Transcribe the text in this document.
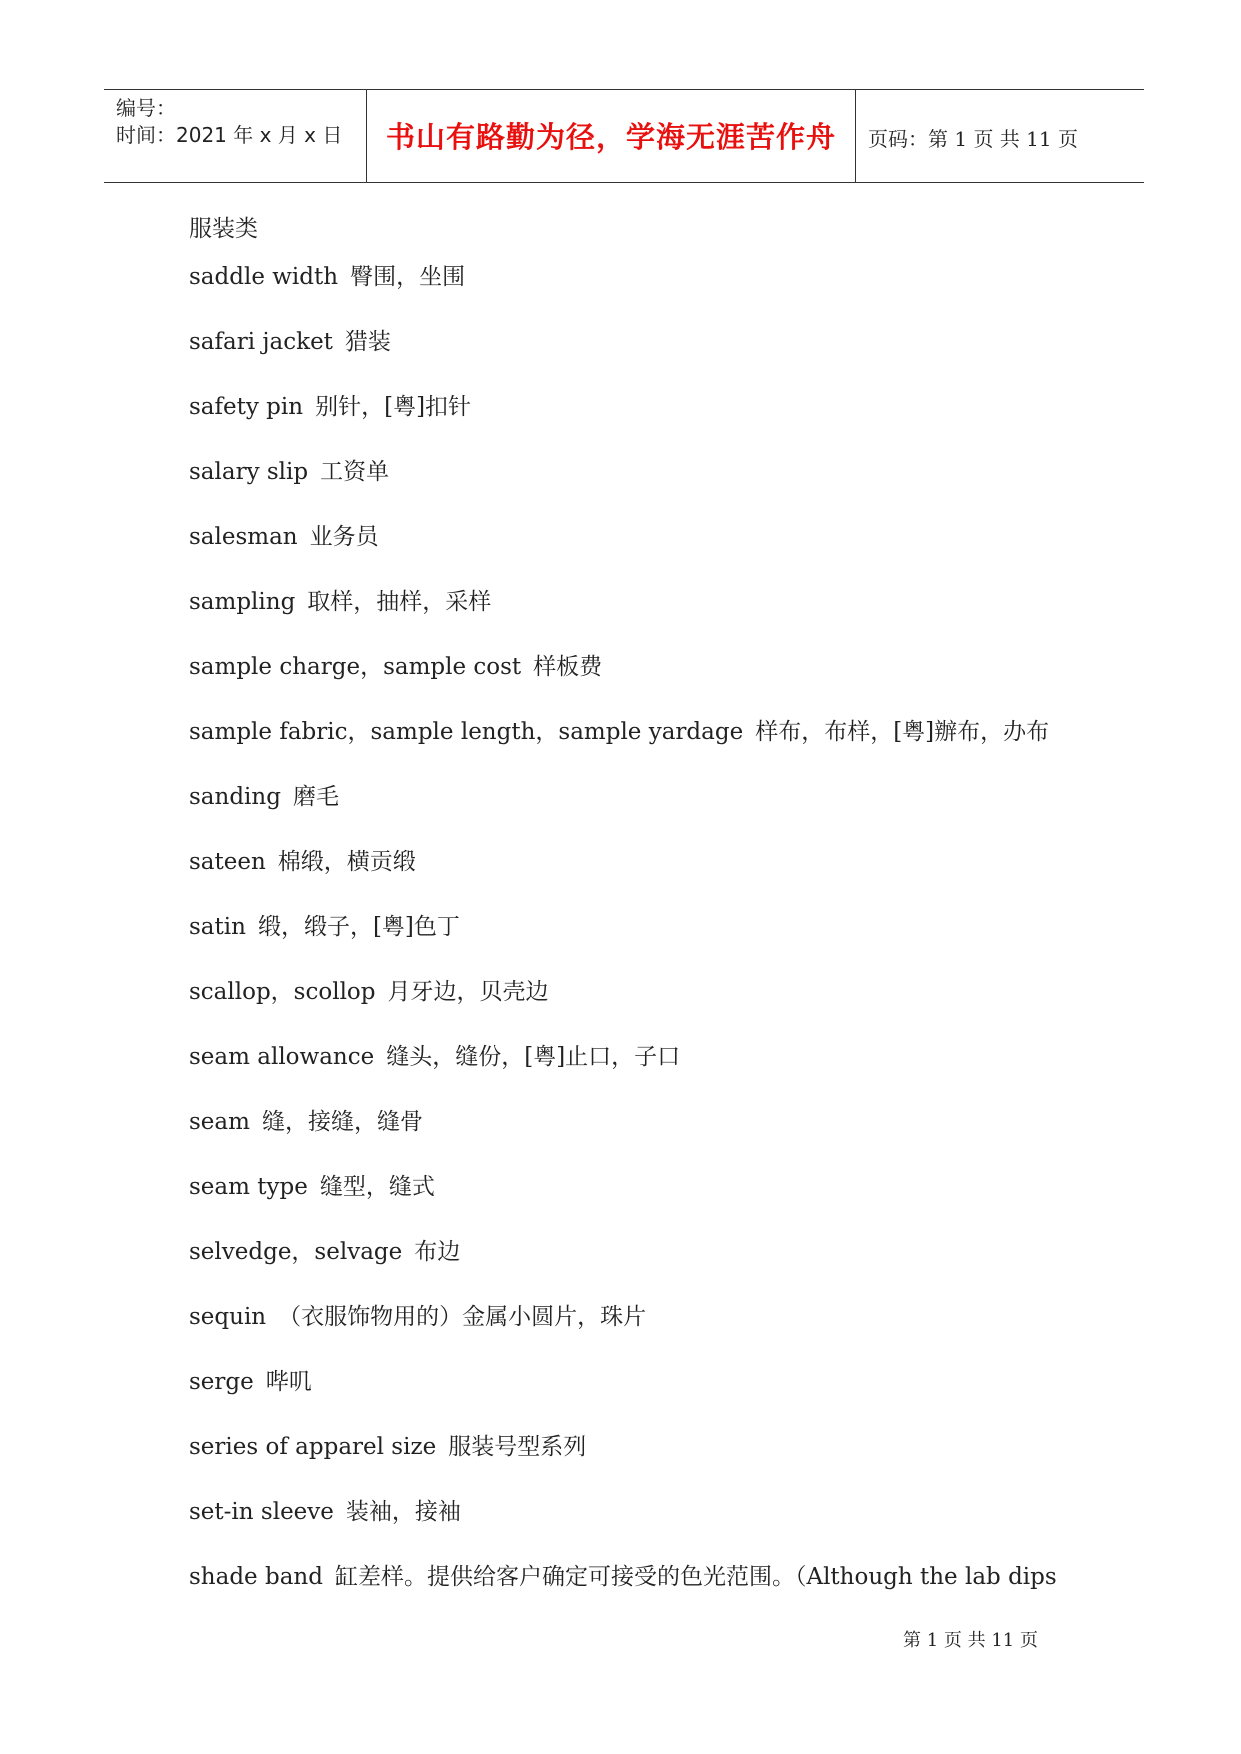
编号：
时间：2021 年 x 月 x 日	书山有路勤为径，学海无涯苦作舟	页码：第 1 页 共 11 页
服装类
saddle width 臀围，坐围
safari jacket 猎装
safety pin 别针，[粤]扣针
salary slip 工资单
salesman 业务员
sampling 取样，抽样，采样
sample charge，sample cost 样板费
sample fabric，sample length，sample yardage 样布，布样，[粤]辦布，办布
sanding 磨毛
sateen 棉缎，横贡缎
satin 缎，缎子，[粤]色丁
scallop，scollop 月牙边，贝壳边
seam allowance 缝头，缝份，[粤]止口，子口
seam 缝，接缝，缝骨
seam type 缝型，缝式
selvedge，selvage 布边
sequin （衣服饰物用的）金属小圆片，珠片
serge 哔叽
series of apparel size 服装号型系列
set-in sleeve 装袖，接袖
shade band 缸差样。提供给客户确定可接受的色光范围。（Although the lab dips
第 1 页 共 11 页
